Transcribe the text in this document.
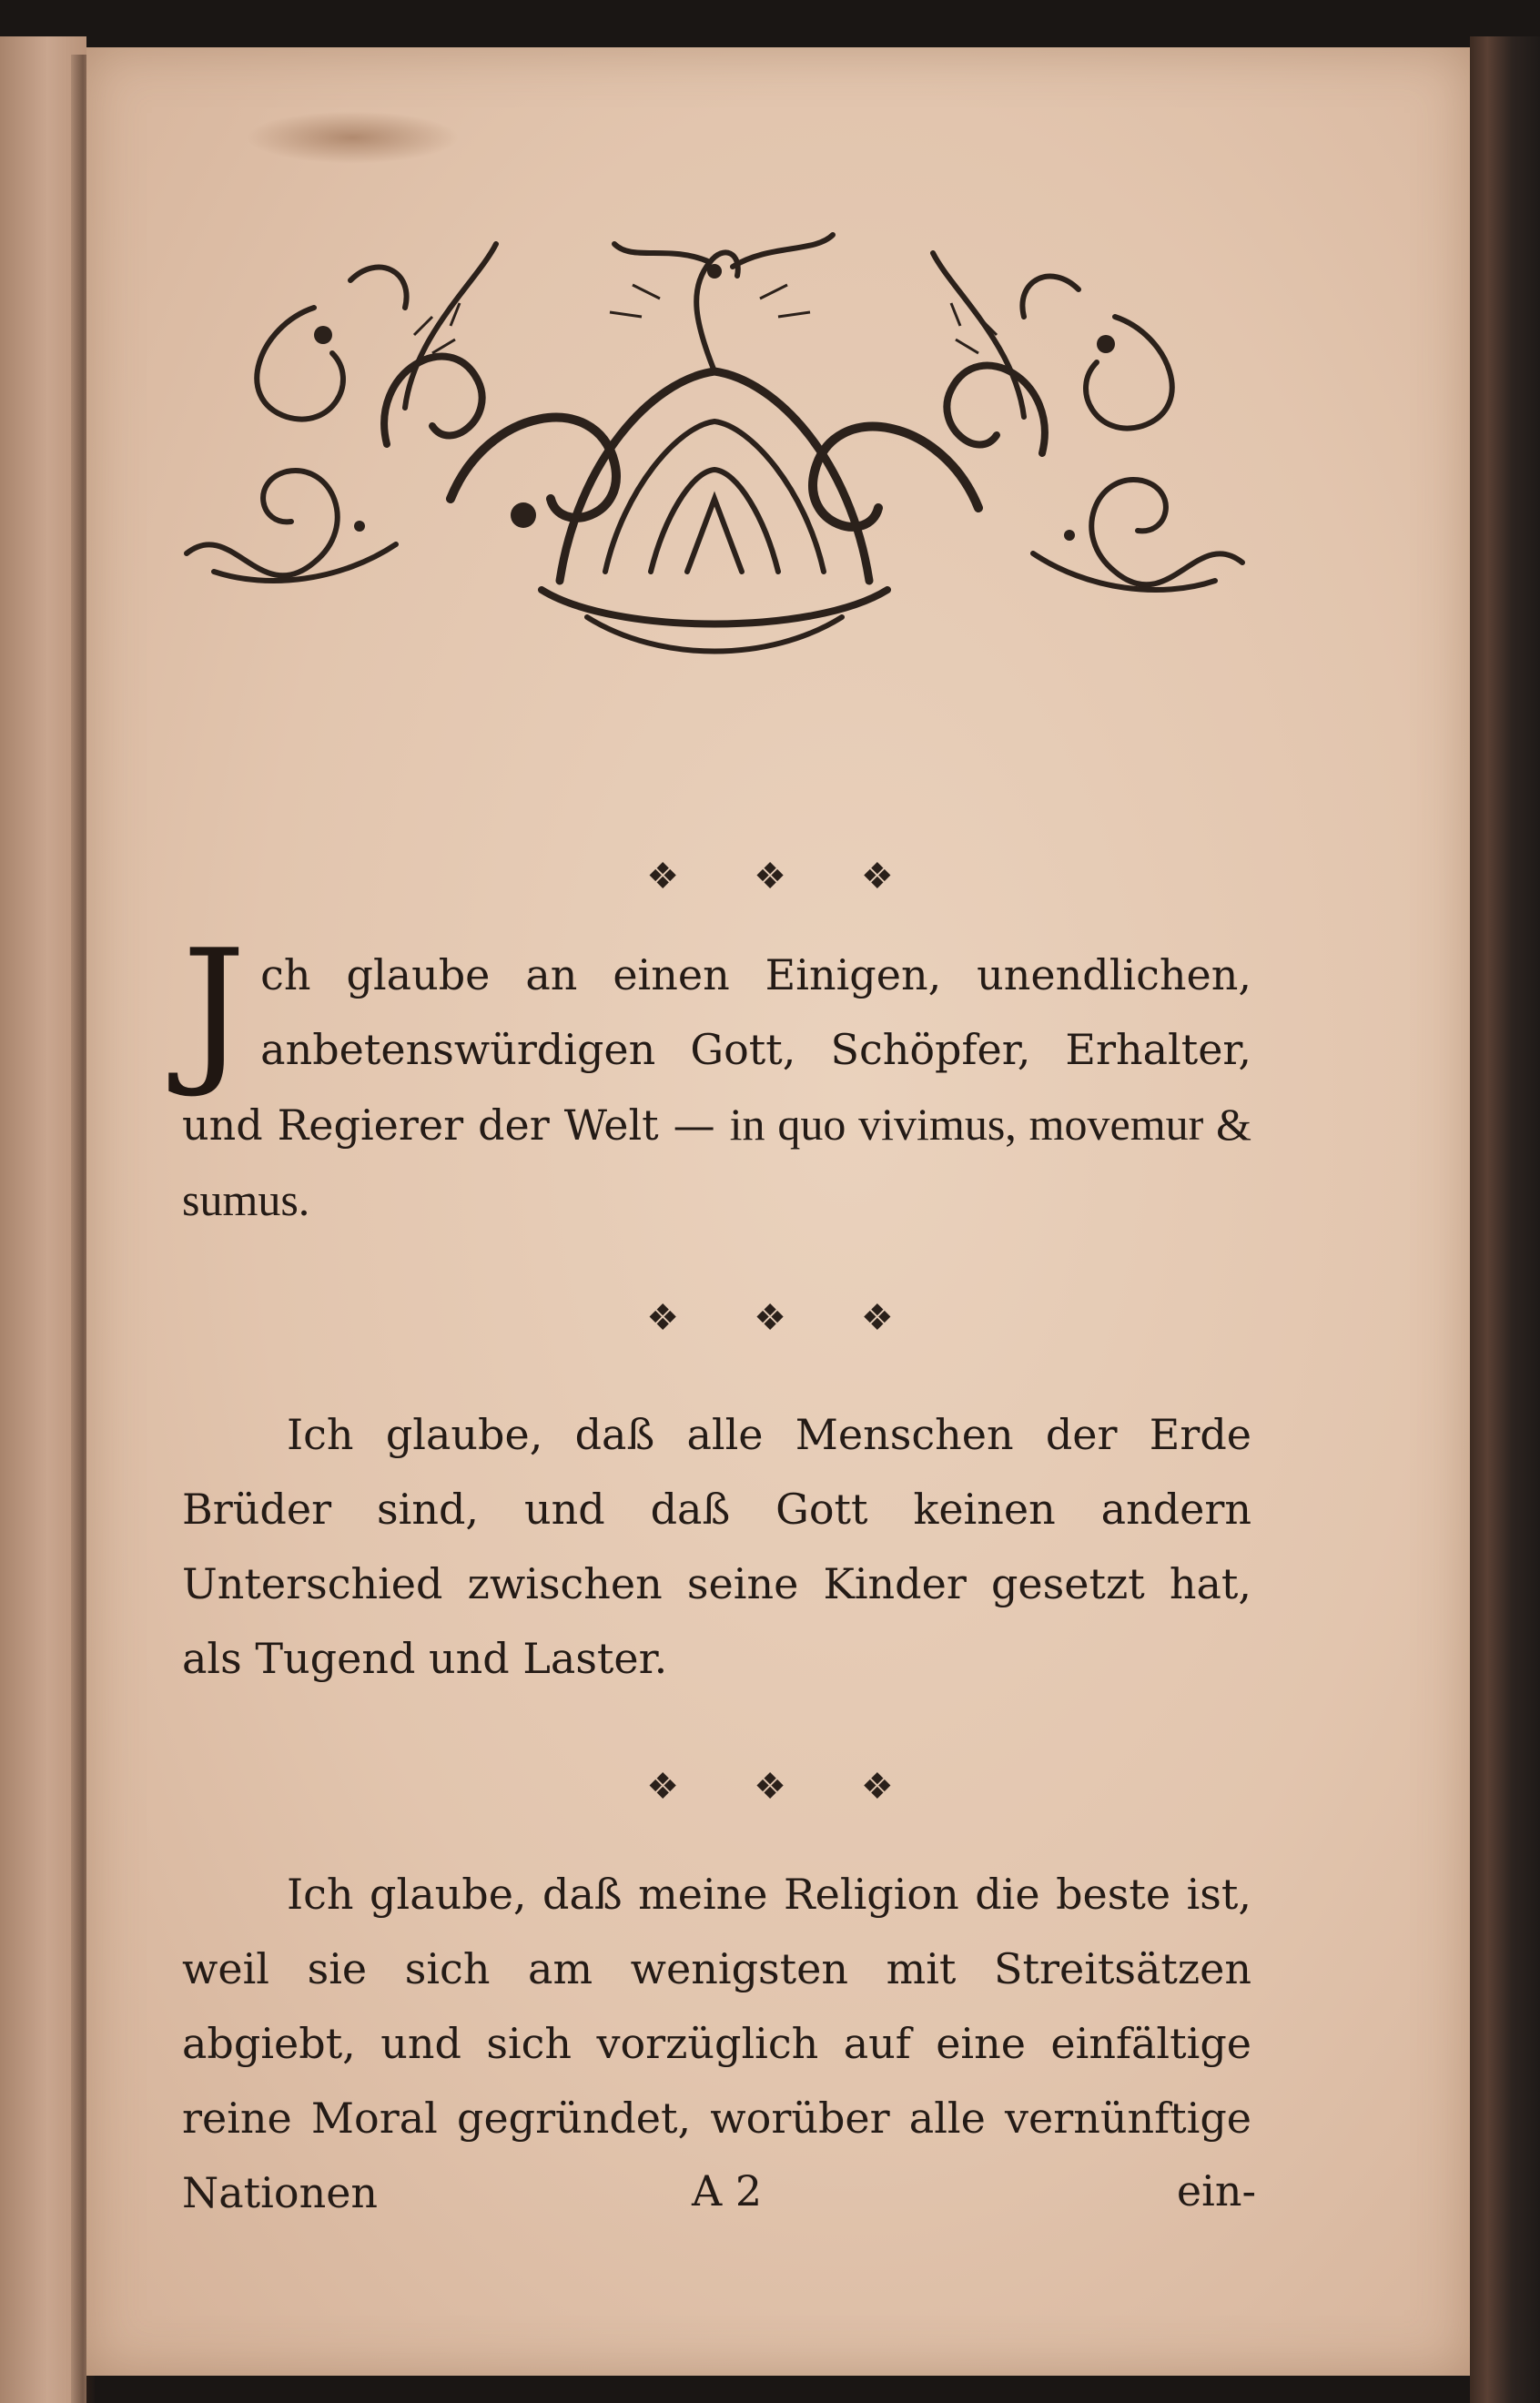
❖❖❖
Jch glaube an einen Einigen, unendlichen, anbetenswürdigen Gott, Schöpfer, Erhalter, und Regierer der Welt — in quo vivimus, movemur & sumus.
❖❖❖
Ich glaube, daß alle Menschen der Erde Brüder sind, und daß Gott keinen andern Unterschied zwischen seine Kinder gesetzt hat, als Tugend und Laster.
❖❖❖
Ich glaube, daß meine Religion die beste ist, weil sie sich am wenigsten mit Streitsätzen abgiebt, und sich vorzüglich auf eine einfältige reine Moral gegründet, worüber alle vernünftige Nationen	A 2	ein-
